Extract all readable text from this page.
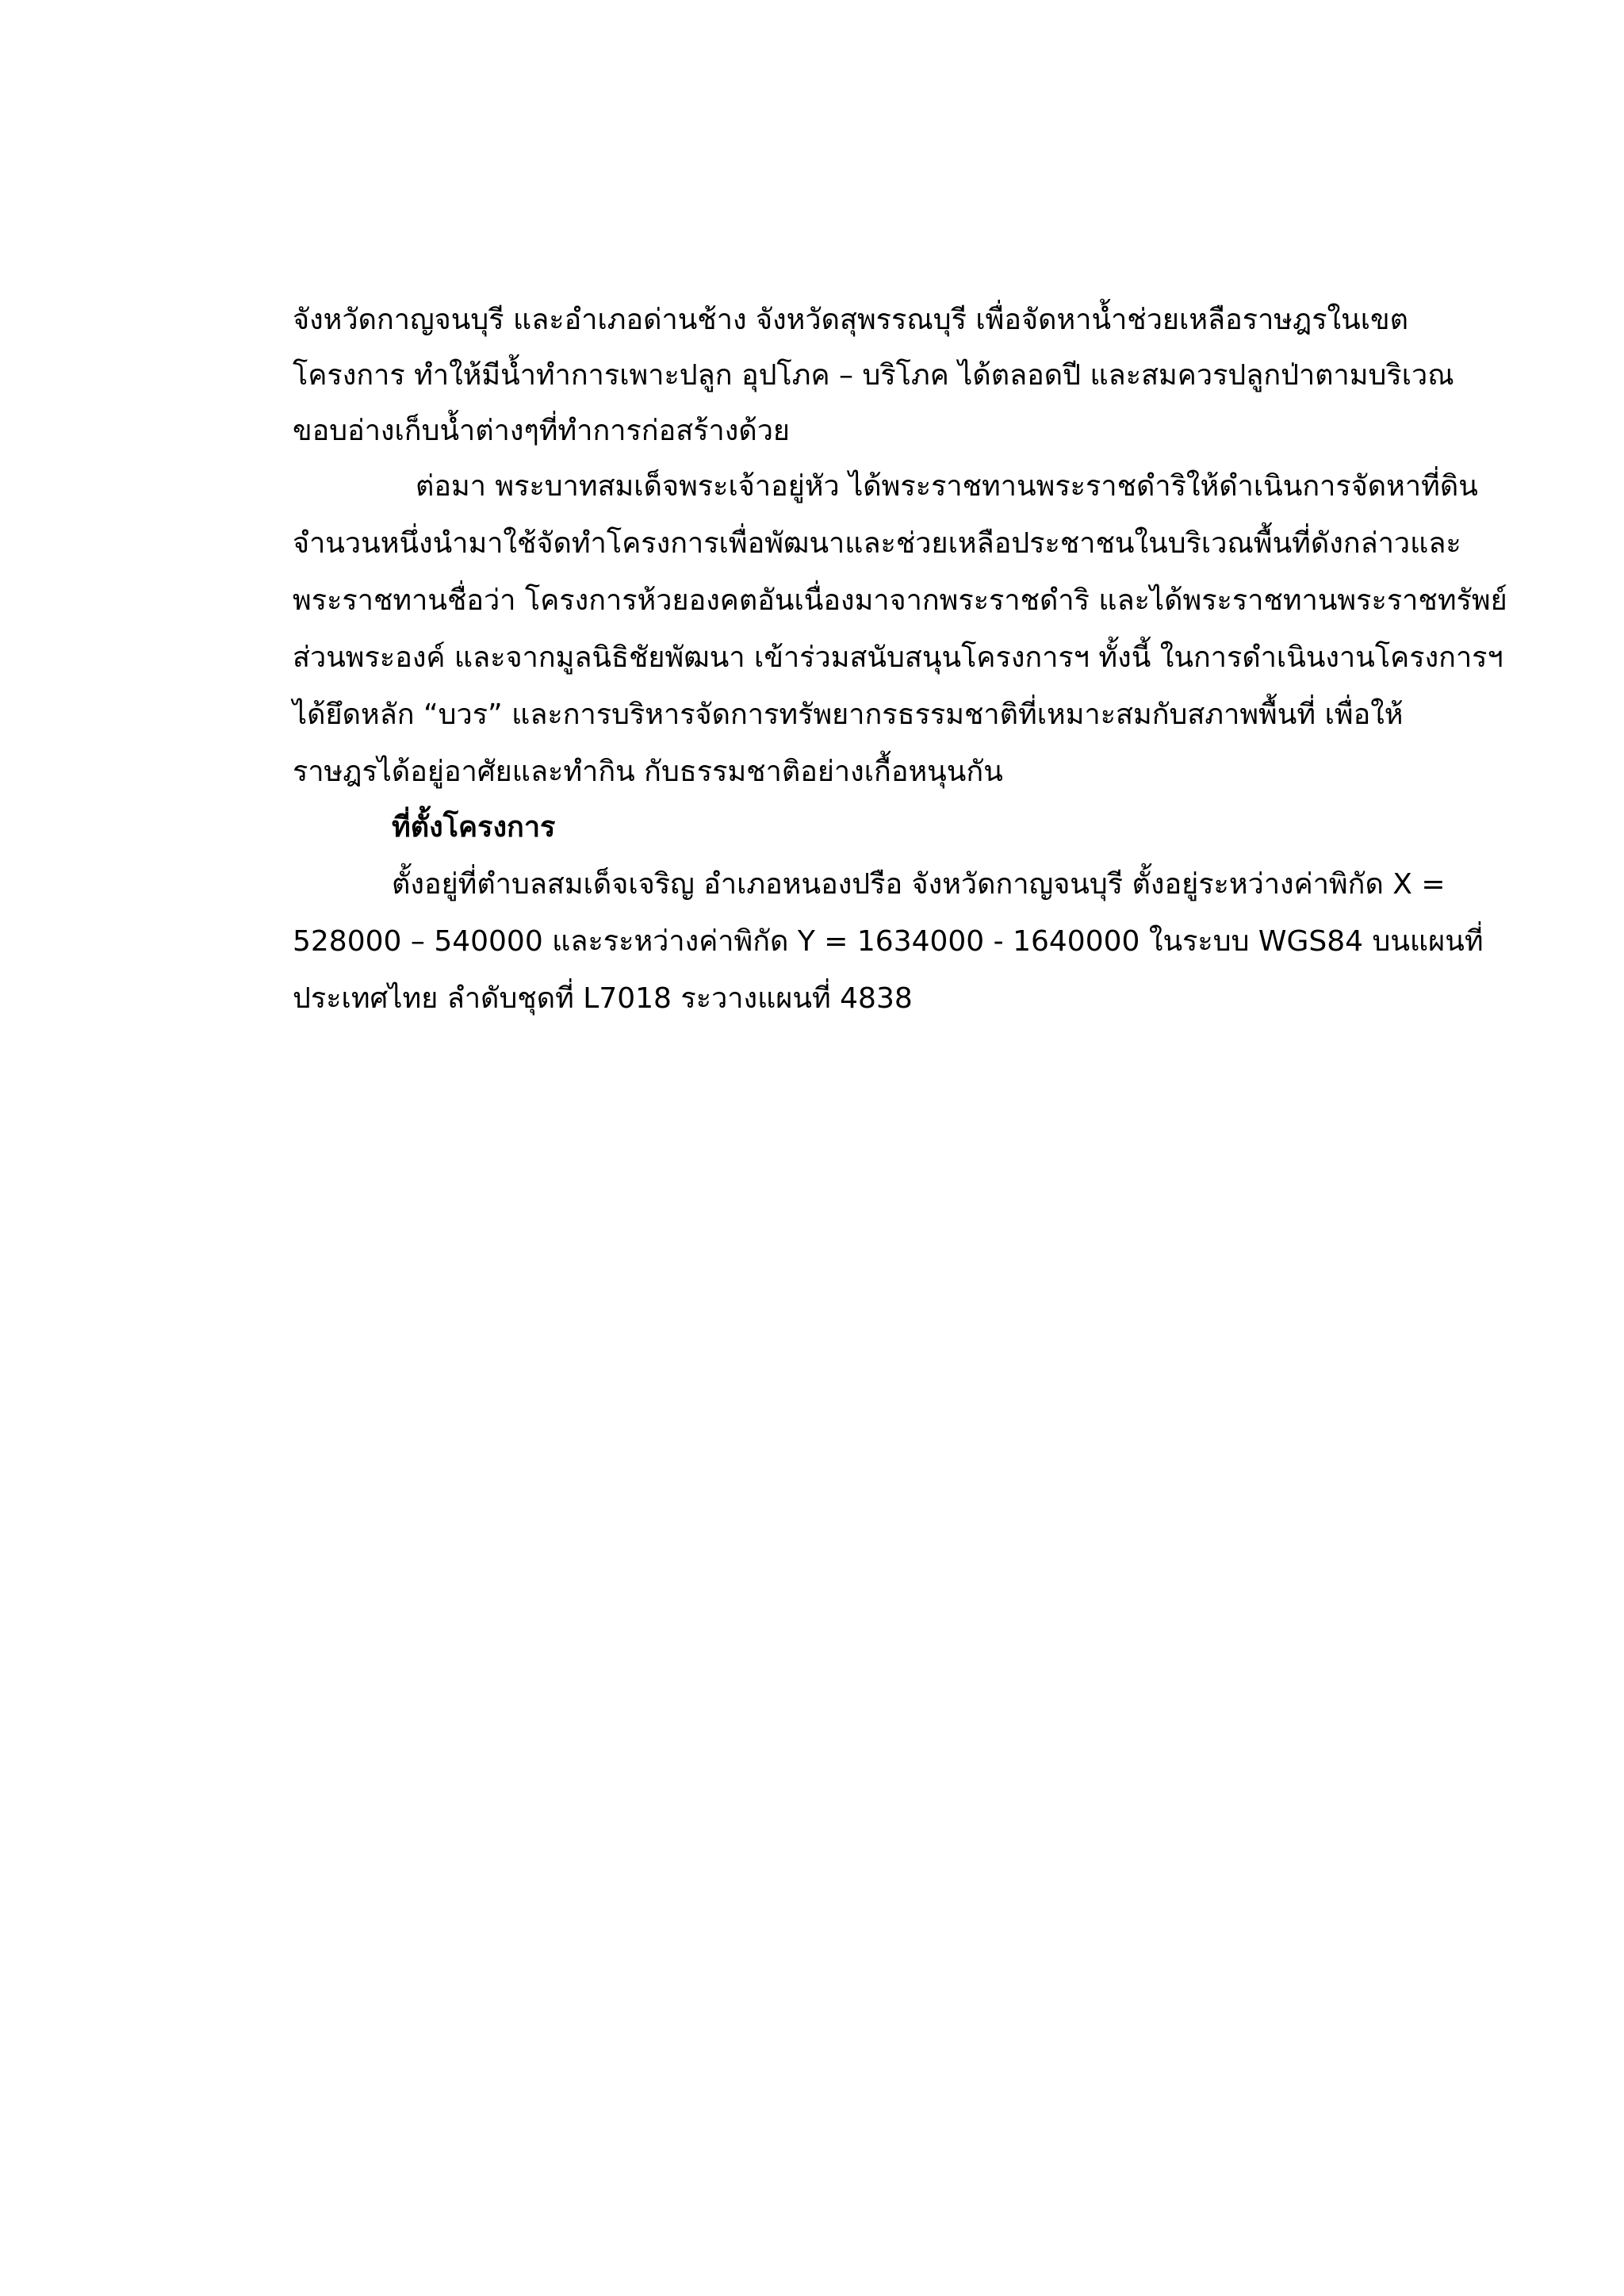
จังหวัดกาญจนบุรี และอำเภอด่านช้าง จังหวัดสุพรรณบุรี เพื่อจัดหาน้ำช่วยเหลือราษฎรในเขต
โครงการ ทำให้มีน้ำทำการเพาะปลูก อุปโภค – บริโภค ได้ตลอดปี และสมควรปลูกป่าตามบริเวณ
ขอบอ่างเก็บน้ำต่างๆที่ทำการก่อสร้างด้วย
ต่อมา พระบาทสมเด็จพระเจ้าอยู่หัว ได้พระราชทานพระราชดำริให้ดำเนินการจัดหาที่ดิน
จำนวนหนึ่งนำมาใช้จัดทำโครงการเพื่อพัฒนาและช่วยเหลือประชาชนในบริเวณพื้นที่ดังกล่าวและ
พระราชทานชื่อว่า โครงการห้วยองคตอันเนื่องมาจากพระราชดำริ และได้พระราชทานพระราชทรัพย์
ส่วนพระองค์ และจากมูลนิธิชัยพัฒนา เข้าร่วมสนับสนุนโครงการฯ ทั้งนี้ ในการดำเนินงานโครงการฯ
ได้ยึดหลัก “บวร” และการบริหารจัดการทรัพยากรธรรมชาติที่เหมาะสมกับสภาพพื้นที่ เพื่อให้
ราษฎรได้อยู่อาศัยและทำกิน กับธรรมชาติอย่างเกื้อหนุนกัน
ที่ตั้งโครงการ
ตั้งอยู่ที่ตำบลสมเด็จเจริญ อำเภอหนองปรือ จังหวัดกาญจนบุรี ตั้งอยู่ระหว่างค่าพิกัด X =
528000 – 540000 และระหว่างค่าพิกัด Y = 1634000 - 1640000 ในระบบ WGS84 บนแผนที่
ประเทศไทย ลำดับชุดที่ L7018 ระวางแผนที่ 4838
